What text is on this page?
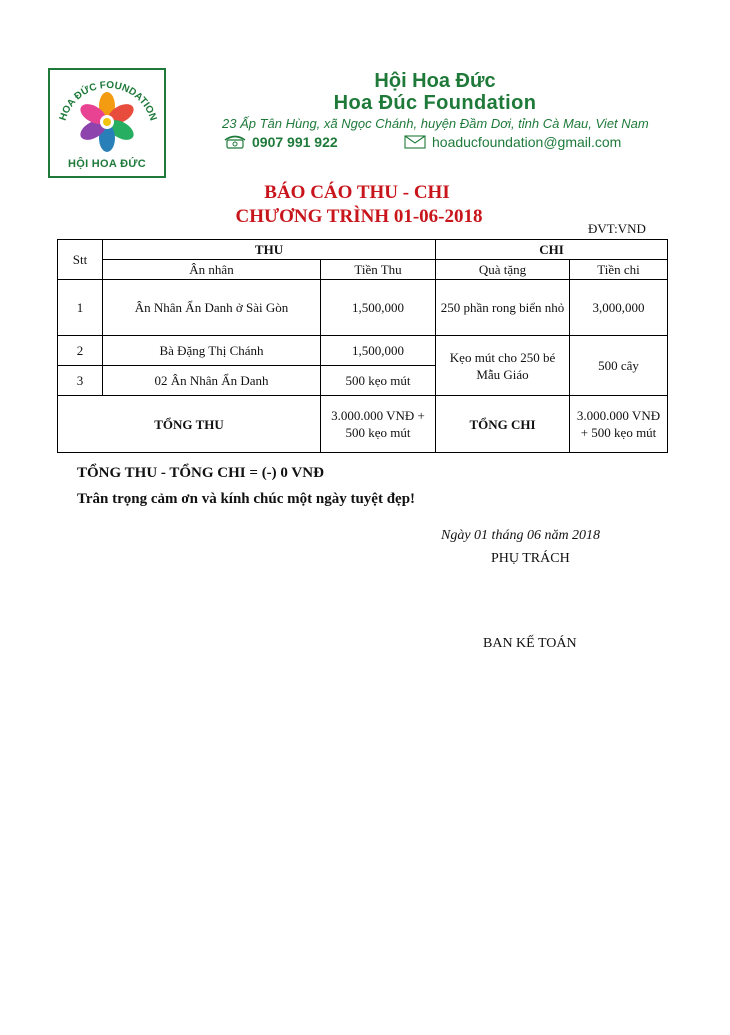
HOA ĐỨC FOUNDATION
HỘI HOA ĐỨC
Hội Hoa Đức
Hoa Đúc Foundation
23 Ấp Tân Hùng, xã Ngọc Chánh, huyện Đầm Dơi, tỉnh Cà Mau, Viet Nam
0907 991 922	hoaducfoundation@gmail.com
BÁO CÁO THU - CHI
CHƯƠNG TRÌNH 01-06-2018
ĐVT:VND
Stt	THU		CHI	
	Ân nhân	Tiền Thu	Quà tặng	Tiền chi
1	Ân Nhân Ẩn Danh ở Sài Gòn	1,500,000	250 phần rong biển nhỏ	3,000,000
2	Bà Đặng Thị Chánh	1,500,000	Kẹo mút cho 250 bé Mẫu Giáo	500 cây
3	02 Ân Nhân Ẩn Danh	500 kẹo mút		
TỔNG THU		3.000.000 VNĐ + 500 kẹo mút	TỔNG CHI	3.000.000 VNĐ + 500 kẹo mút
TỔNG THU - TỔNG CHI = (-) 0 VNĐ
Trân trọng cảm ơn và kính chúc một ngày tuyệt đẹp!
Ngày 01 tháng 06 năm 2018
PHỤ TRÁCH
BAN KẾ TOÁN
